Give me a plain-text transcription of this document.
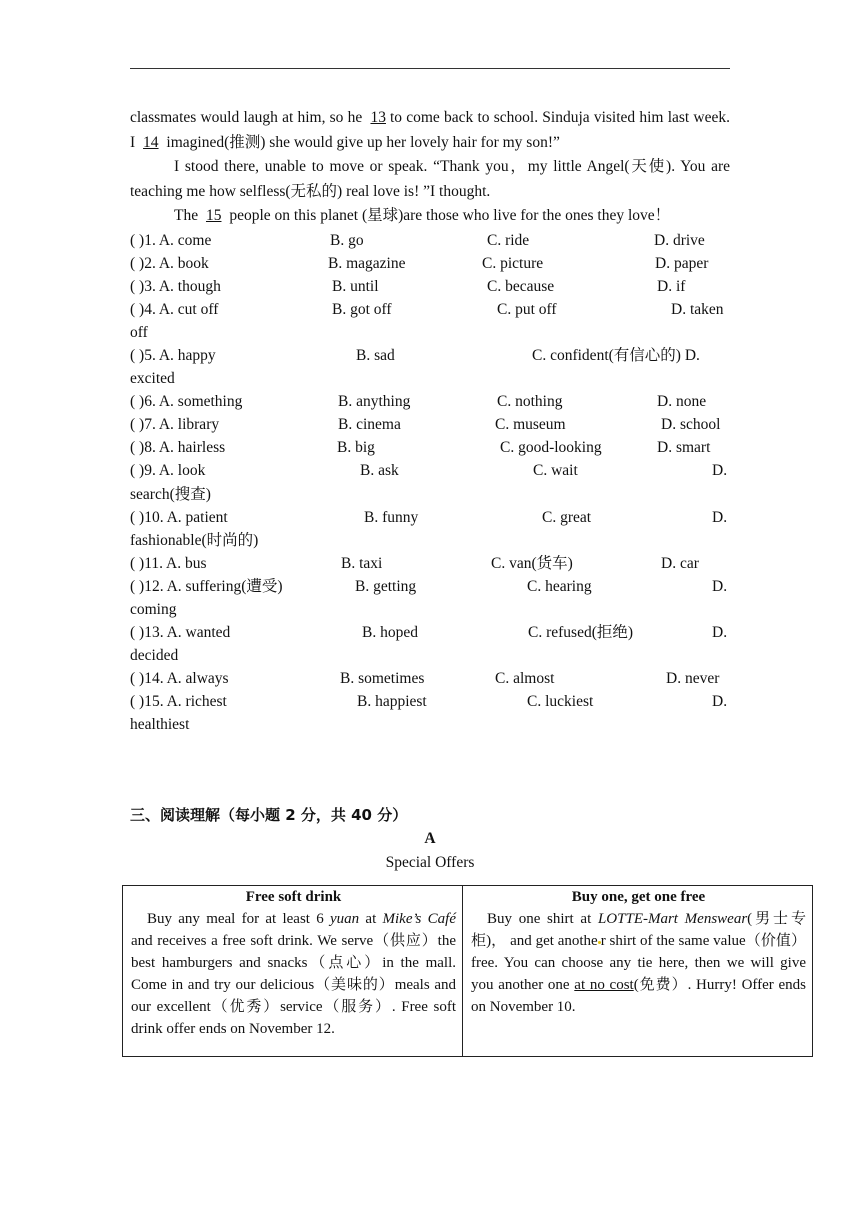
classmates would laugh at him, so he 13 to come back to school. Sinduja visited him last week. I 14 imagined(推测) she would give up her lovely hair for my son!”

I stood there, unable to move or speak. “Thank you，my little Angel(天使). You are teaching me how selfless(无私的) real love is! ”I thought.

The 15 people on this planet (星球)are those who live for the ones they love！

( )1. A. come	B. go	C. ride	D. drive
( )2. A. book	B. magazine	C. picture	D. paper
( )3. A. though	B. until	C. because	D. if
( )4. A. cut off	B. got off	C. put off	D. taken
off
( )5. A. happy	B. sad	C. confident(有信心的) D.
excited
( )6. A. something	B. anything	C. nothing	D. none
( )7. A. library	B. cinema	C. museum	D. school
( )8. A. hairless	B. big	C. good-looking	D. smart
( )9. A. look	B. ask	C. wait	D.
search(搜查)
( )10. A. patient	B. funny	C. great	D.
fashionable(时尚的)
( )11. A. bus	B. taxi	C. van(货车)	D. car
( )12. A. suffering(遭受)	B. getting	C. hearing	D.
coming
( )13. A. wanted	B. hoped	C. refused(拒绝)	D.
decided
( )14. A. always	B. sometimes	C. almost	D. never
( )15. A. richest	B. happiest	C. luckiest	D.
healthiest
三、阅读理解（每小题 2 分，共 40 分）
A
Special Offers
Free soft drink

Buy any meal for at least 6 yuan at Mike’s Café and receives a free soft drink. We serve（供应）the best hamburgers and snacks（点心）in the mall. Come in and try our delicious（美味的）meals and our excellent（优秀）service（服务）. Free soft drink offer ends on November 12.

Buy one, get one free

Buy one shirt at LOTTE-Mart Menswear(男士专柜)， and get anothe r shirt of the same value（价值）free. You can choose any tie here, then we will give you another one at no cost(免费）. Hurry! Offer ends on November 10.
